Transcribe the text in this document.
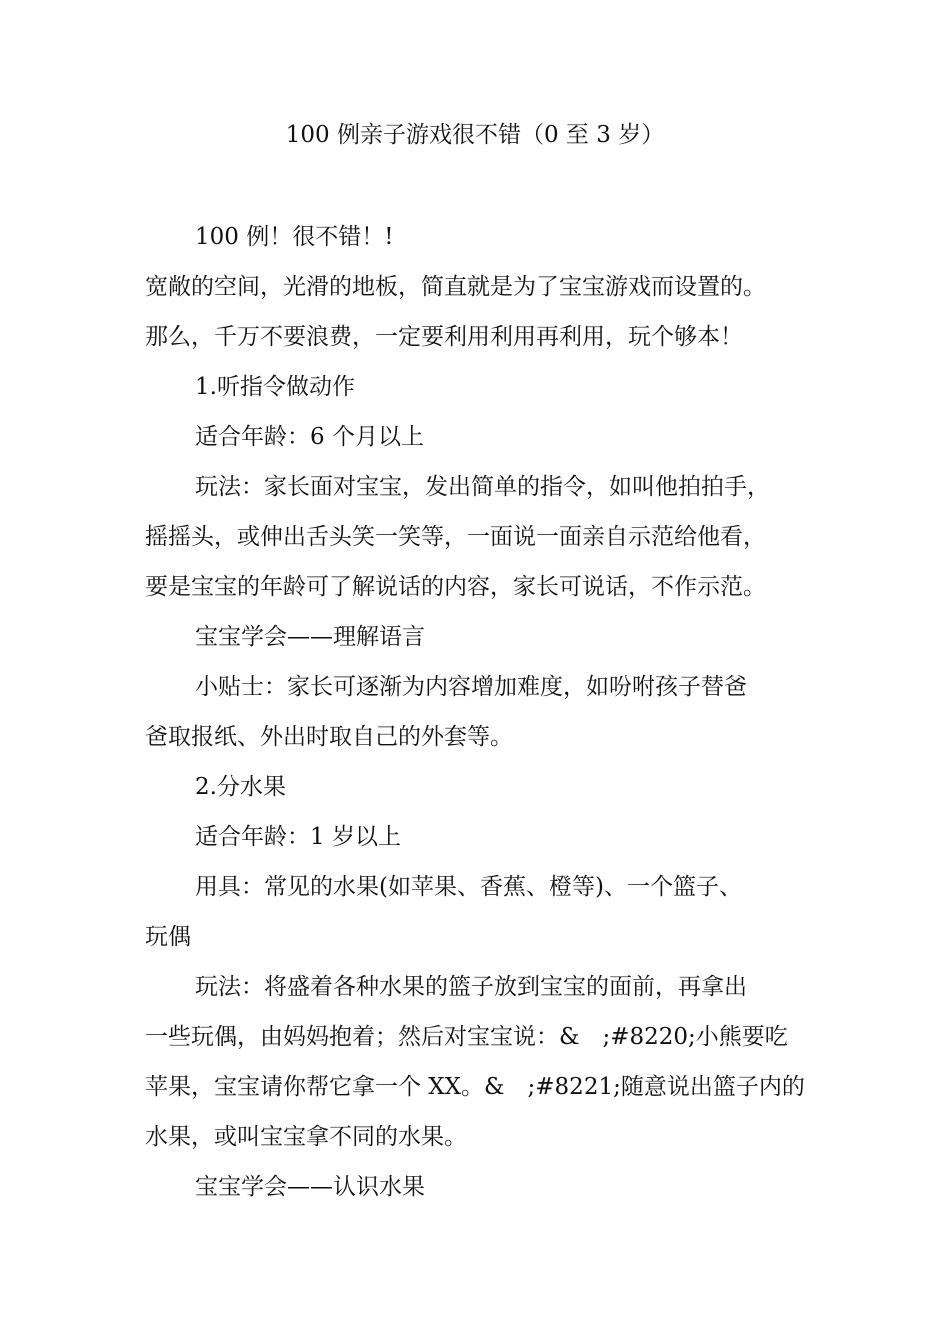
100 例亲子游戏很不错（0 至 3 岁）
100 例！很不错！!
宽敞的空间，光滑的地板，简直就是为了宝宝游戏而设置的。
那么，千万不要浪费，一定要利用利用再利用，玩个够本！
1.听指令做动作
适合年龄：6 个月以上
玩法：家长面对宝宝，发出简单的指令，如叫他拍拍手，
摇摇头，或伸出舌头笑一笑等，一面说一面亲自示范给他看，
要是宝宝的年龄可了解说话的内容，家长可说话，不作示范。
宝宝学会——理解语言
小贴士：家长可逐渐为内容增加难度，如吩咐孩子替爸
爸取报纸、外出时取自己的外套等。
2.分水果
适合年龄：1 岁以上
用具：常见的水果(如苹果、香蕉、橙等)、一个篮子、
玩偶
玩法：将盛着各种水果的篮子放到宝宝的面前，再拿出
一些玩偶，由妈妈抱着；然后对宝宝说：&　;#8220;小熊要吃
苹果，宝宝请你帮它拿一个 XX。&　;#8221;随意说出篮子内的
水果，或叫宝宝拿不同的水果。
宝宝学会——认识水果
